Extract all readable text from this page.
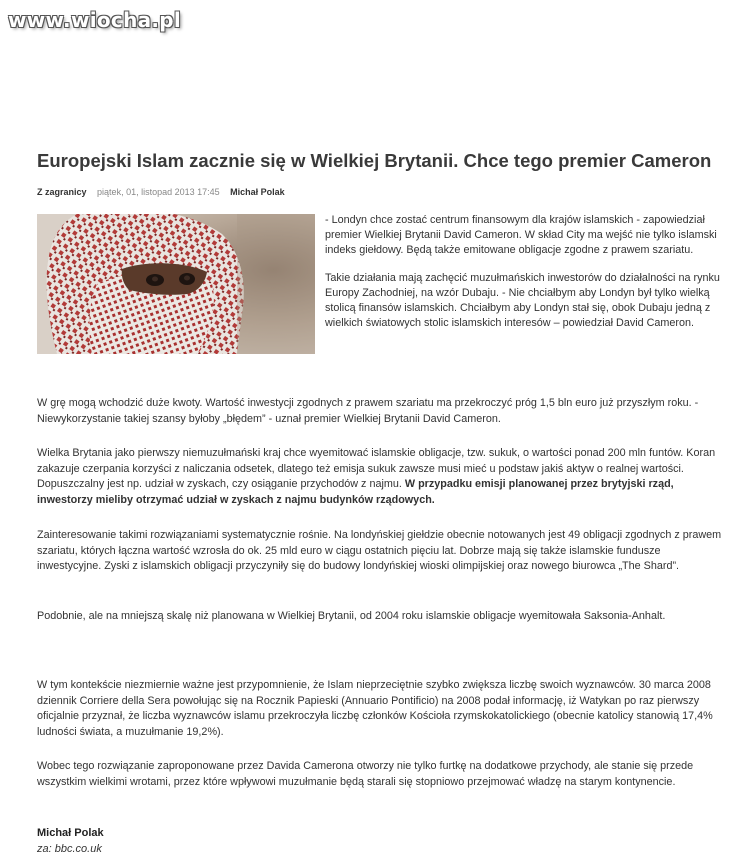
www.wiocha.pl
Europejski Islam zacznie się w Wielkiej Brytanii. Chce tego premier Cameron
Z zagranicy piątek, 01, listopad 2013 17:45 Michał Polak

- Londyn chce zostać centrum finansowym dla krajów islamskich - zapowiedział premier Wielkiej Brytanii David Cameron. W skład City ma wejść nie tylko islamski indeks giełdowy. Będą także emitowane obligacje zgodne z prawem szariatu.

Takie działania mają zachęcić muzułmańskich inwestorów do działalności na rynku Europy Zachodniej, na wzór Dubaju. - Nie chciałbym aby Londyn był tylko wielką stolicą finansów islamskich. Chciałbym aby Londyn stał się, obok Dubaju jedną z wielkich światowych stolic islamskich interesów – powiedział David Cameron.

W grę mogą wchodzić duże kwoty. Wartość inwestycji zgodnych z prawem szariatu ma przekroczyć próg 1,5 bln euro już przyszłym roku. - Niewykorzystanie takiej szansy byłoby „błędem” - uznał premier Wielkiej Brytanii David Cameron.

Wielka Brytania jako pierwszy niemuzułmański kraj chce wyemitować islamskie obligacje, tzw. sukuk, o wartości ponad 200 mln funtów. Koran zakazuje czerpania korzyści z naliczania odsetek, dlatego też emisja sukuk zawsze musi mieć u podstaw jakiś aktyw o realnej wartości. Dopuszczalny jest np. udział w zyskach, czy osiąganie przychodów z najmu. W przypadku emisji planowanej przez brytyjski rząd, inwestorzy mieliby otrzymać udział w zyskach z najmu budynków rządowych.

Zainteresowanie takimi rozwiązaniami systematycznie rośnie. Na londyńskiej giełdzie obecnie notowanych jest 49 obligacji zgodnych z prawem szariatu, których łączna wartość wzrosła do ok. 25 mld euro w ciągu ostatnich pięciu lat. Dobrze mają się także islamskie fundusze inwestycyjne. Zyski z islamskich obligacji przyczyniły się do budowy londyńskiej wioski olimpijskiej oraz nowego biurowca „The Shard”.

Podobnie, ale na mniejszą skalę niż planowana w Wielkiej Brytanii, od 2004 roku islamskie obligacje wyemitowała Saksonia-Anhalt.

W tym kontekście niezmiernie ważne jest przypomnienie, że Islam nieprzeciętnie szybko zwiększa liczbę swoich wyznawców. 30 marca 2008 dziennik Corriere della Sera powołując się na Rocznik Papieski (Annuario Pontificio) na 2008 podał informację, iż Watykan po raz pierwszy oficjalnie przyznał, że liczba wyznawców islamu przekroczyła liczbę członków Kościoła rzymskokatolickiego (obecnie katolicy stanowią 17,4% ludności świata, a muzułmanie 19,2%).

Wobec tego rozwiązanie zaproponowane przez Davida Camerona otworzy nie tylko furtkę na dodatkowe przychody, ale stanie się przede wszystkim wielkimi wrotami, przez które wpływowi muzułmanie będą starali się stopniowo przejmować władzę na starym kontynencie.

Michał Polak
za: bbc.co.uk
